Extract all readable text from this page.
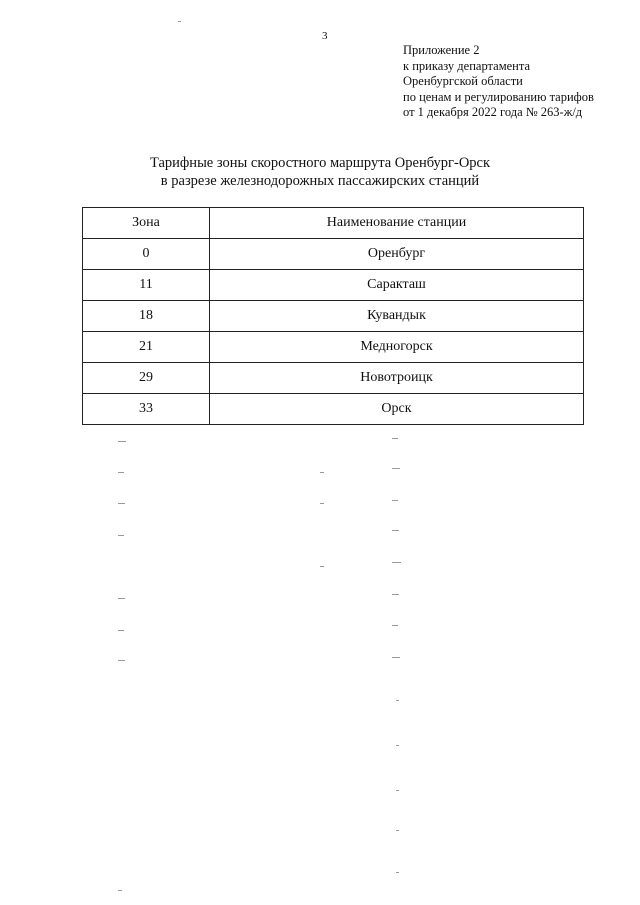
3
Приложение 2
к приказу департамента
Оренбургской области
по ценам и регулированию тарифов
от 1 декабря 2022 года № 263-ж/д
Тарифные зоны скоростного маршрута Оренбург-Орск
в разрезе железнодорожных пассажирских станций
Зона	Наименование станции
0	Оренбург
11	Саракташ
18	Кувандык
21	Медногорск
29	Новотроицк
33	Орск
